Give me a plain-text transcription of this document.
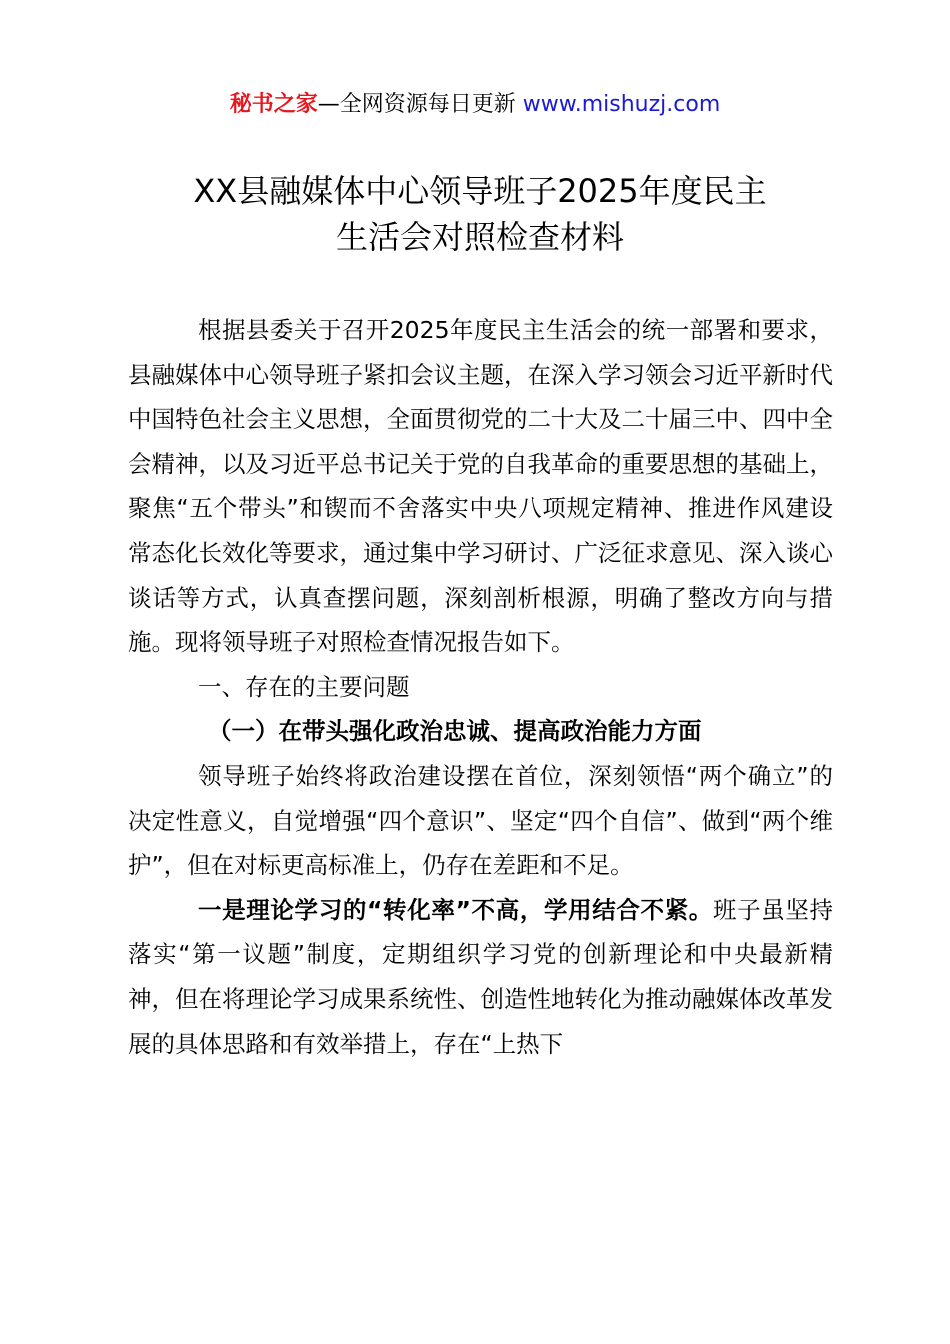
秘书之家—全网资源每日更新 www.mishuzj.com
XX县融媒体中心领导班子2025年度民主
生活会对照检查材料

根据县委关于召开2025年度民主生活会的统一部署和要求，县融媒体中心领导班子紧扣会议主题，在深入学习领会习近平新时代中国特色社会主义思想，全面贯彻党的二十大及二十届三中、四中全会精神，以及习近平总书记关于党的自我革命的重要思想的基础上，聚焦“五个带头”和锲而不舍落实中央八项规定精神、推进作风建设常态化长效化等要求，通过集中学习研讨、广泛征求意见、深入谈心谈话等方式，认真查摆问题，深刻剖析根源，明确了整改方向与措施。现将领导班子对照检查情况报告如下。

一、存在的主要问题

（一）在带头强化政治忠诚、提高政治能力方面

领导班子始终将政治建设摆在首位，深刻领悟“两个确立”的决定性意义，自觉增强“四个意识”、坚定“四个自信”、做到“两个维护”，但在对标更高标准上，仍存在差距和不足。

一是理论学习的“转化率”不高，学用结合不紧。班子虽坚持落实“第一议题”制度，定期组织学习党的创新理论和中央最新精神，但在将理论学习成果系统性、创造性地转化为推动融媒体改革发展的具体思路和有效举措上，存在“上热下
